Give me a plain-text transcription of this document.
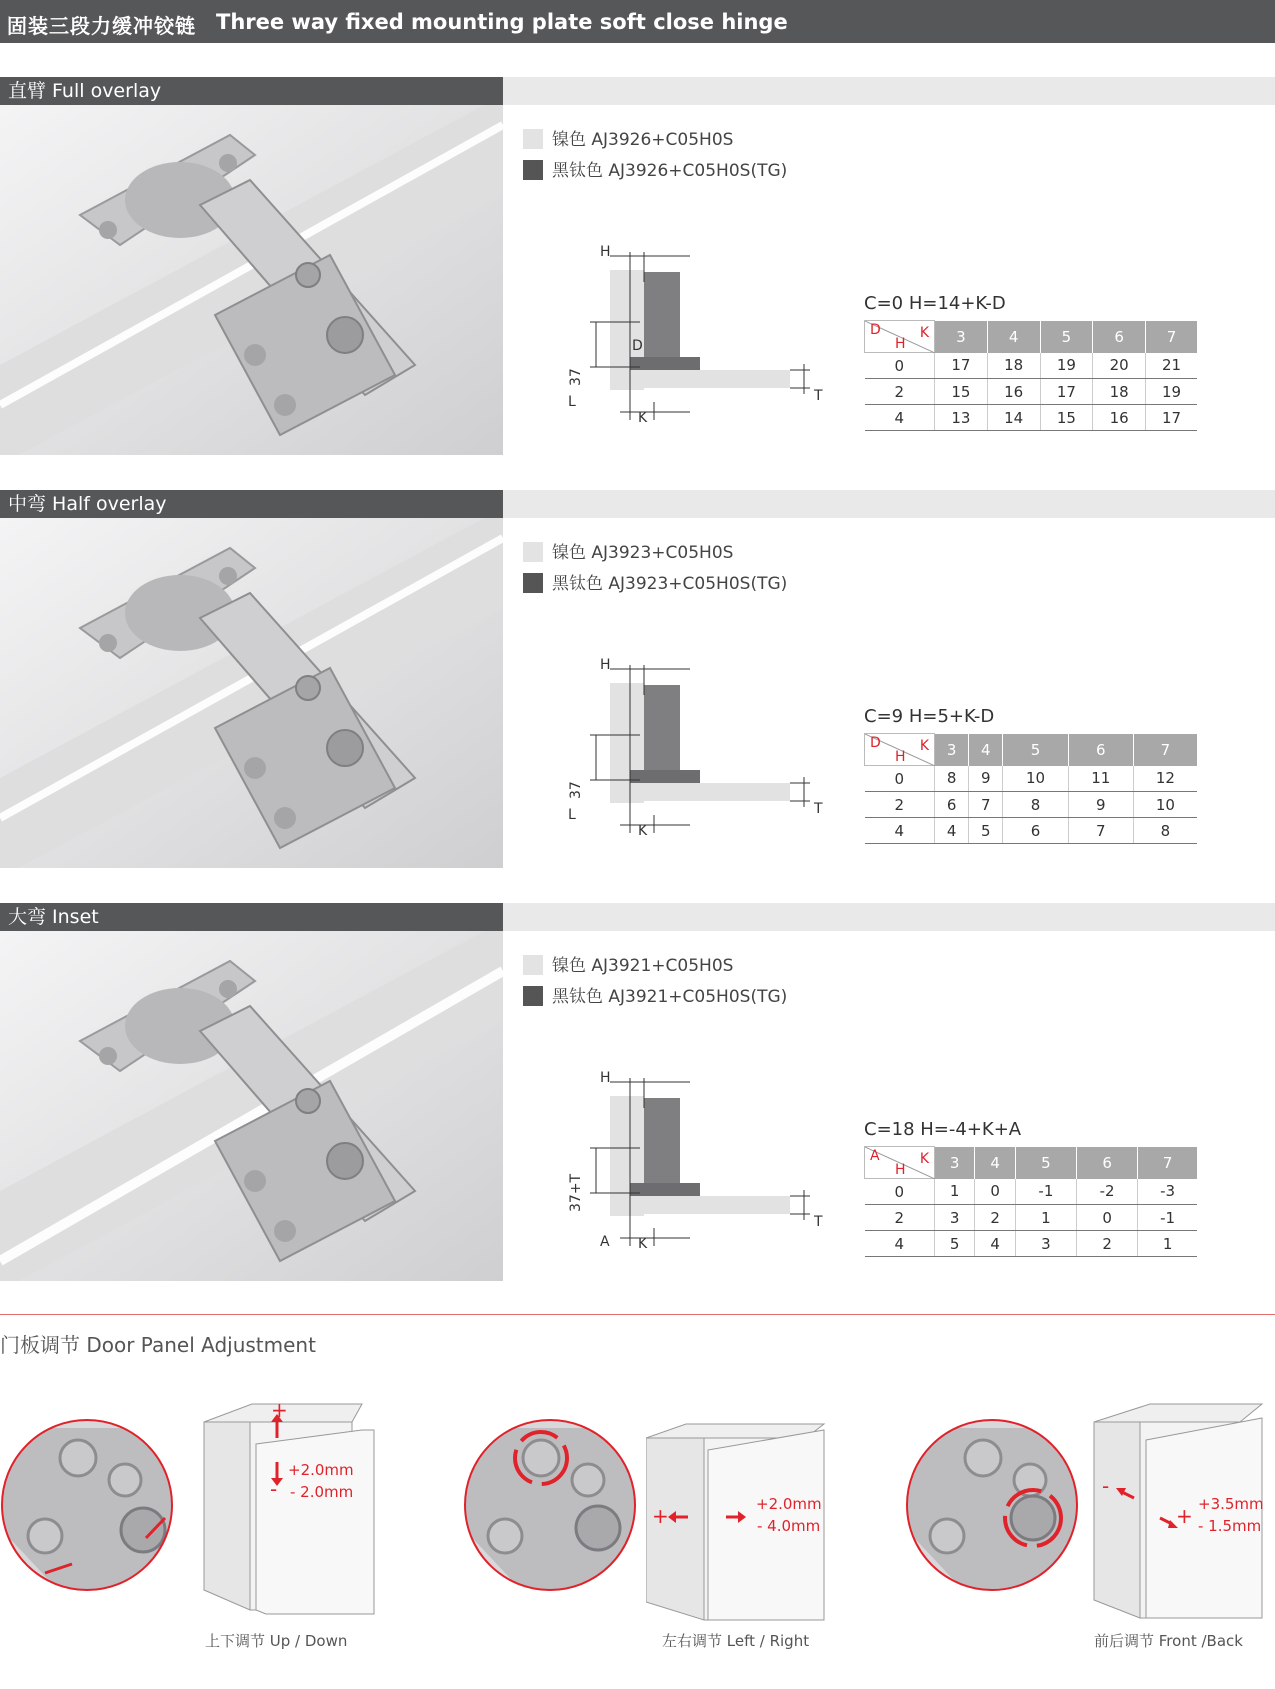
固装三段力缓冲铰链 Three way fixed mounting plate soft close hinge
直臂 Full overlay
镍色 AJ3926+C05H0S
黑钛色 AJ3926+C05H0S(TG)
H
D
37
L
K
T
C=0 H=14+K-D
D K
H	3	4	5	6	7
0	17	18	19	20	21
2	15	16	17	18	19
4	13	14	15	16	17
中弯 Half overlay
镍色 AJ3923+C05H0S
黑钛色 AJ3923+C05H0S(TG)
H
37
L
K
T
C=9 H=5+K-D
D K
H	3	4	5	6	7
0	8	9	10	11	12
2	6	7	8	9	10
4	4	5	6	7	8
大弯 Inset
镍色 AJ3921+C05H0S
黑钛色 AJ3921+C05H0S(TG)
H
37+T
A K
T
C=18 H=-4+K+A
A K
H	3	4	5	6	7
0	1	0	-1	-2	-3
2	3	2	1	0	-1
4	5	4	3	2	1
门板调节 Door Panel Adjustment
+
-
+2.0mm
- 2.0mm
上下调节 Up / Down
+	- +2.0mm
- 4.0mm
左右调节 Left / Right
-
+ +3.5mm
- 1.5mm
前后调节 Front /Back
